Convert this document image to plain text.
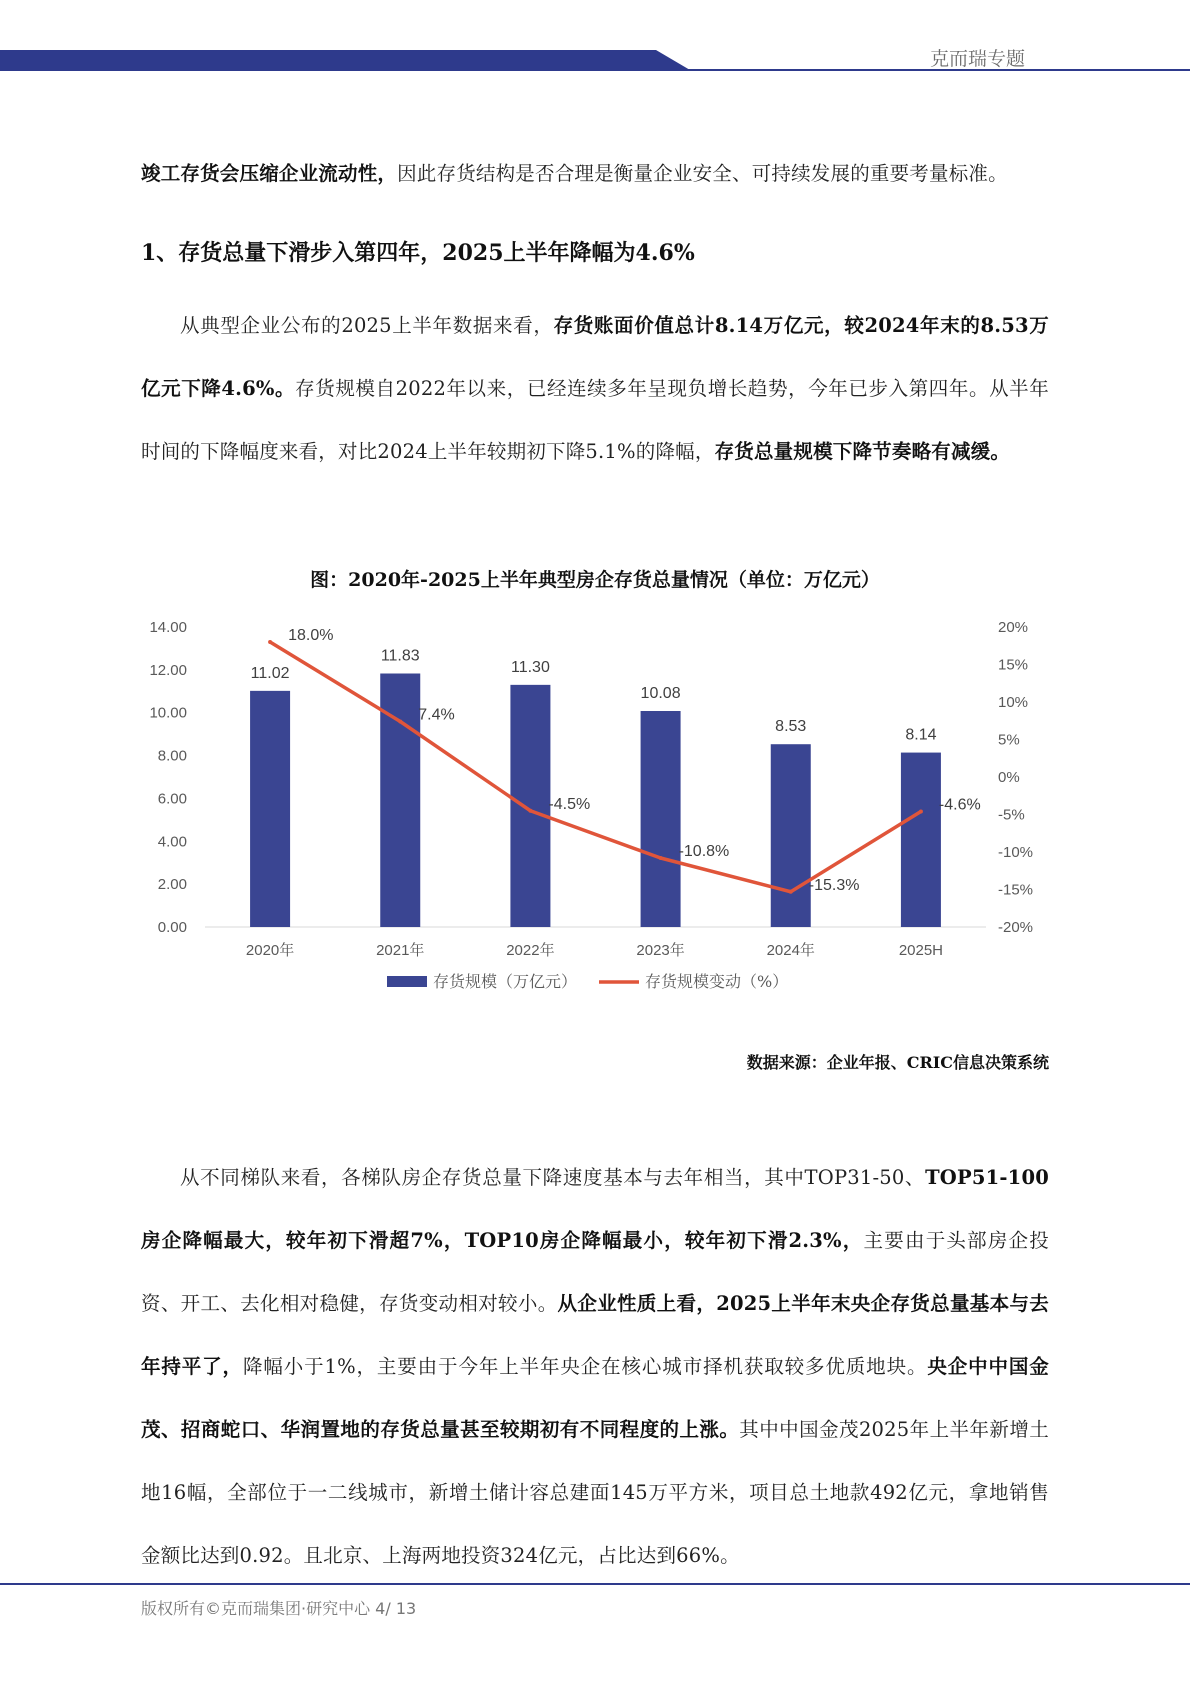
克而瑞专题

竣工存货会压缩企业流动性，因此存货结构是否合理是衡量企业安全、可持续发展的重要考量标准。

1、存货总量下滑步入第四年，2025上半年降幅为4.6%

从典型企业公布的2025上半年数据来看，存货账面价值总计8.14万亿元，较2024年末的8.53万亿元下降4.6%。存货规模自2022年以来，已经连续多年呈现负增长趋势，今年已步入第四年。从半年时间的下降幅度来看，对比2024上半年较期初下降5.1%的降幅，存货总量规模下降节奏略有减缓。

图：2020年-2025上半年典型房企存货总量情况（单位：万亿元）
0.00
2.00
4.00
6.00
8.00
10.00
12.00
14.00
-20%
-15%
-10%
-5%
0%
5%
10%
15%
20%
11.02
11.83
11.30
10.08
8.53	8.14
2020年	2021年	2022年	2023年	2024年	2025H
18.0%
7.4%
-4.5%
-10.8%
-15.3%
-4.6%
存货规模（万亿元）	存货规模变动（%）
数据来源：企业年报、CRIC信息决策系统

从不同梯队来看，各梯队房企存货总量下降速度基本与去年相当，其中TOP31-50、TOP51-100房企降幅最大，较年初下滑超7%，TOP10房企降幅最小，较年初下滑2.3%，主要由于头部房企投资、开工、去化相对稳健，存货变动相对较小。从企业性质上看，2025上半年末央企存货总量基本与去年持平了，降幅小于1%，主要由于今年上半年央企在核心城市择机获取较多优质地块。央企中中国金茂、招商蛇口、华润置地的存货总量甚至较期初有不同程度的上涨。其中中国金茂2025年上半年新增土地16幅，全部位于一二线城市，新增土储计容总建面145万平方米，项目总土地款492亿元，拿地销售金额比达到0.92。且北京、上海两地投资324亿元，占比达到66%。

版权所有©克而瑞集团·研究中心 4/ 13
